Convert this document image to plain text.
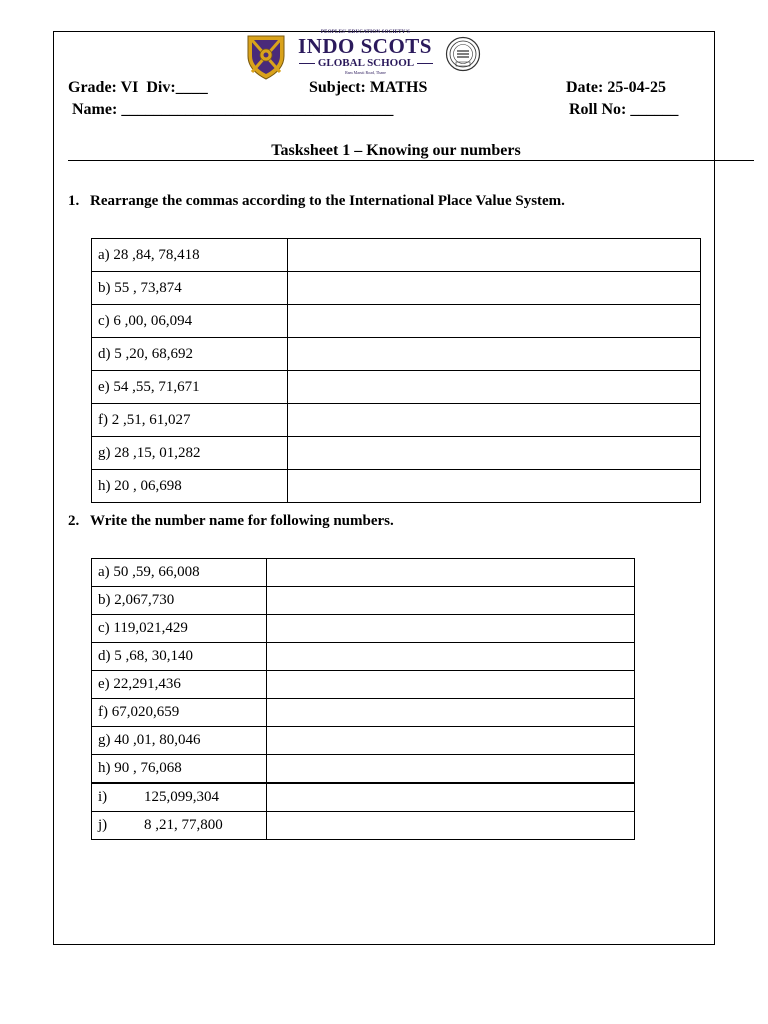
PEOPLES' EDUCATION SOCIETY'S
INDO SCOTS
GLOBAL SCHOOL
Ram Maruti Road, Thane
Grade: VI Div:____	Subject: MATHS	Date: 25-04-25
Name: __________________________________	Roll No: ______
Tasksheet 1 – Knowing our numbers
1. Rearrange the commas according to the International Place Value System.
a) 28 ,84, 78,418	
b) 55 , 73,874	
c) 6 ,00, 06,094	
d) 5 ,20, 68,692	
e) 54 ,55, 71,671	
f) 2 ,51, 61,027	
g) 28 ,15, 01,282	
h) 20 , 06,698	
2. Write the number name for following numbers.
a) 50 ,59, 66,008	
b) 2,067,730	
c) 119,021,429	
d) 5 ,68, 30,140	
e) 22,291,436	
f) 67,020,659	
g) 40 ,01, 80,046	
h) 90 , 76,068	
i) 125,099,304	
j) 8 ,21, 77,800	
